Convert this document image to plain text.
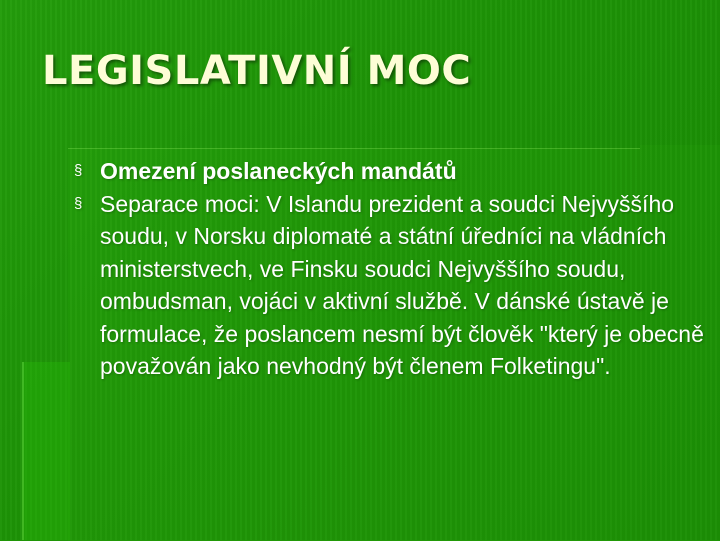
LEGISLATIVNÍ MOC
§ Omezení poslaneckých mandátů
§ Separace moci: V Islandu prezident a soudci Nejvyššího soudu, v Norsku diplomaté a státní úředníci na vládních ministerstvech, ve Finsku soudci Nejvyššího soudu, ombudsman, vojáci v aktivní službě. V dánské ústavě je formulace, že poslancem nesmí být člověk "který je obecně považován jako nevhodný být členem Folketingu".
